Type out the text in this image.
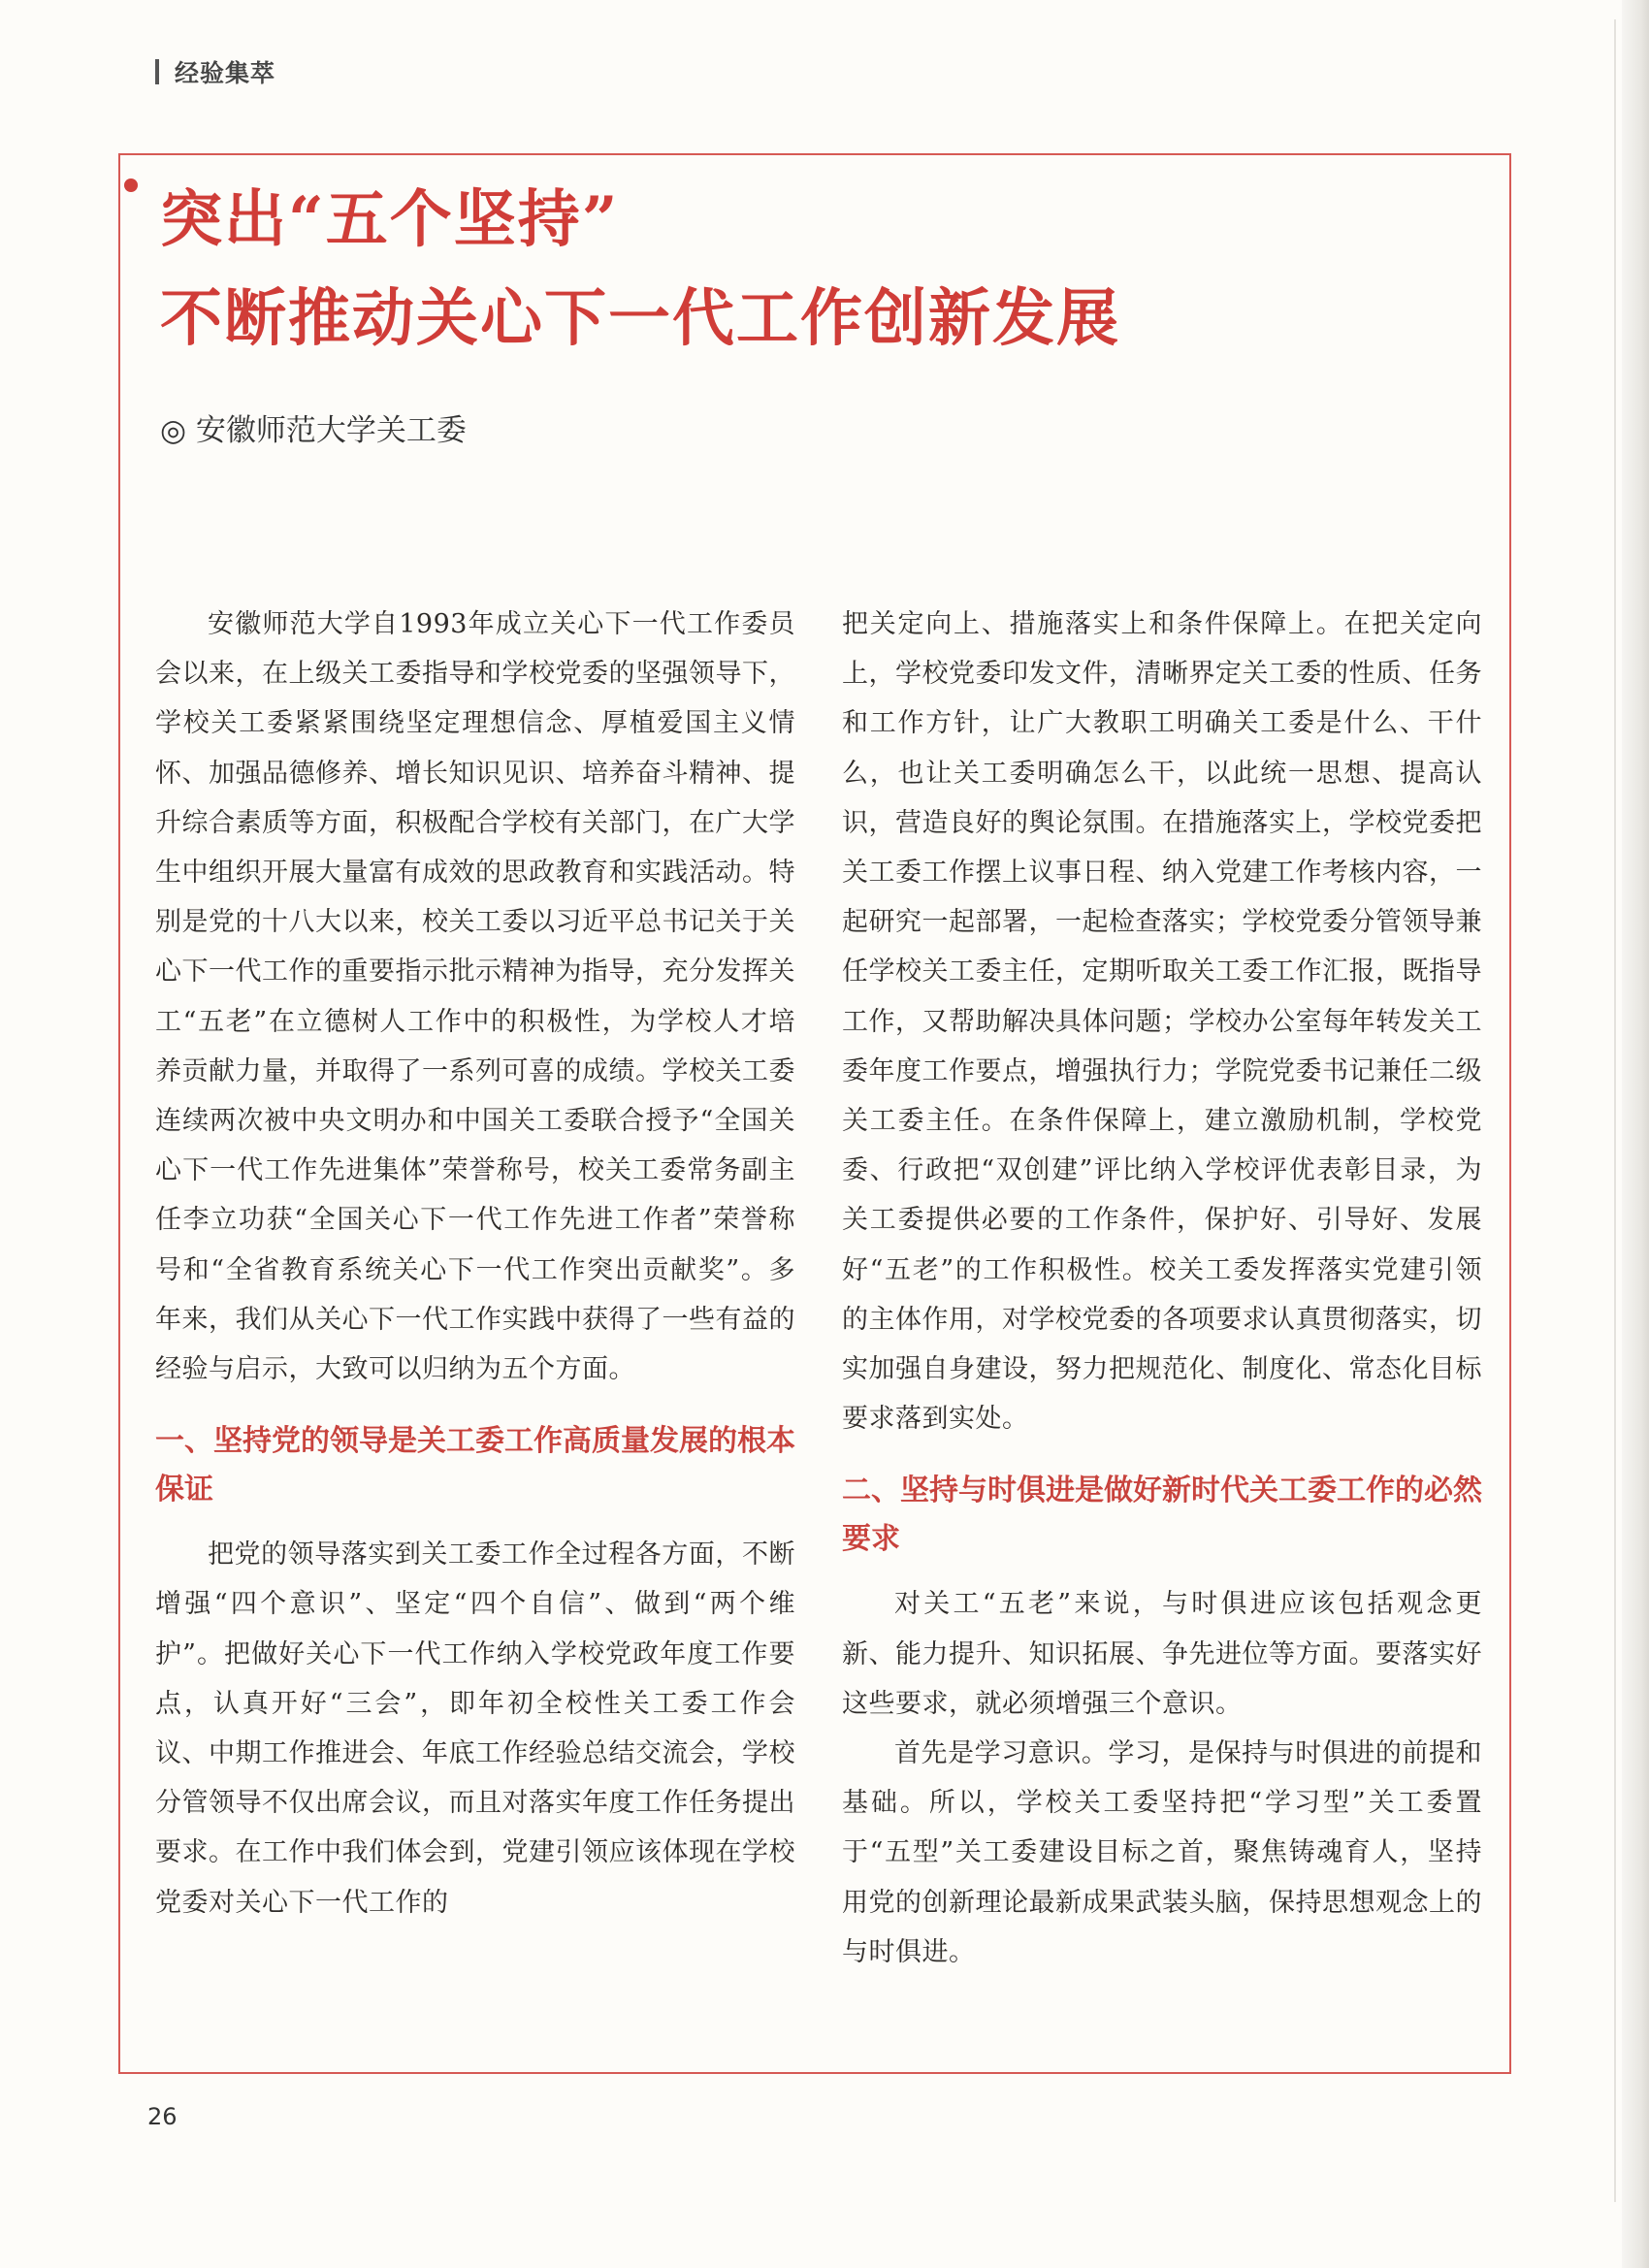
经验集萃
突出“五个坚持”
不断推动关心下一代工作创新发展
◎ 安徽师范大学关工委

安徽师范大学自1993年成立关心下一代工作委员会以来，在上级关工委指导和学校党委的坚强领导下，学校关工委紧紧围绕坚定理想信念、厚植爱国主义情怀、加强品德修养、增长知识见识、培养奋斗精神、提升综合素质等方面，积极配合学校有关部门，在广大学生中组织开展大量富有成效的思政教育和实践活动。特别是党的十八大以来，校关工委以习近平总书记关于关心下一代工作的重要指示批示精神为指导，充分发挥关工“五老”在立德树人工作中的积极性，为学校人才培养贡献力量，并取得了一系列可喜的成绩。学校关工委连续两次被中央文明办和中国关工委联合授予“全国关心下一代工作先进集体”荣誉称号，校关工委常务副主任李立功获“全国关心下一代工作先进工作者”荣誉称号和“全省教育系统关心下一代工作突出贡献奖”。多年来，我们从关心下一代工作实践中获得了一些有益的经验与启示，大致可以归纳为五个方面。

一、坚持党的领导是关工委工作高质量发展的根本保证

把党的领导落实到关工委工作全过程各方面，不断增强“四个意识”、坚定“四个自信”、做到“两个维护”。把做好关心下一代工作纳入学校党政年度工作要点，认真开好“三会”，即年初全校性关工委工作会议、中期工作推进会、年底工作经验总结交流会，学校分管领导不仅出席会议，而且对落实年度工作任务提出要求。在工作中我们体会到，党建引领应该体现在学校党委对关心下一代工作的

把关定向上、措施落实上和条件保障上。在把关定向上，学校党委印发文件，清晰界定关工委的性质、任务和工作方针，让广大教职工明确关工委是什么、干什么，也让关工委明确怎么干，以此统一思想、提高认识，营造良好的舆论氛围。在措施落实上，学校党委把关工委工作摆上议事日程、纳入党建工作考核内容，一起研究一起部署，一起检查落实；学校党委分管领导兼任学校关工委主任，定期听取关工委工作汇报，既指导工作，又帮助解决具体问题；学校办公室每年转发关工委年度工作要点，增强执行力；学院党委书记兼任二级关工委主任。在条件保障上，建立激励机制，学校党委、行政把“双创建”评比纳入学校评优表彰目录，为关工委提供必要的工作条件，保护好、引导好、发展好“五老”的工作积极性。校关工委发挥落实党建引领的主体作用，对学校党委的各项要求认真贯彻落实，切实加强自身建设，努力把规范化、制度化、常态化目标要求落到实处。

二、坚持与时俱进是做好新时代关工委工作的必然要求

对关工“五老”来说，与时俱进应该包括观念更新、能力提升、知识拓展、争先进位等方面。要落实好这些要求，就必须增强三个意识。

首先是学习意识。学习，是保持与时俱进的前提和基础。所以，学校关工委坚持把“学习型”关工委置于“五型”关工委建设目标之首，聚焦铸魂育人，坚持用党的创新理论最新成果武装头脑，保持思想观念上的与时俱进。

26
